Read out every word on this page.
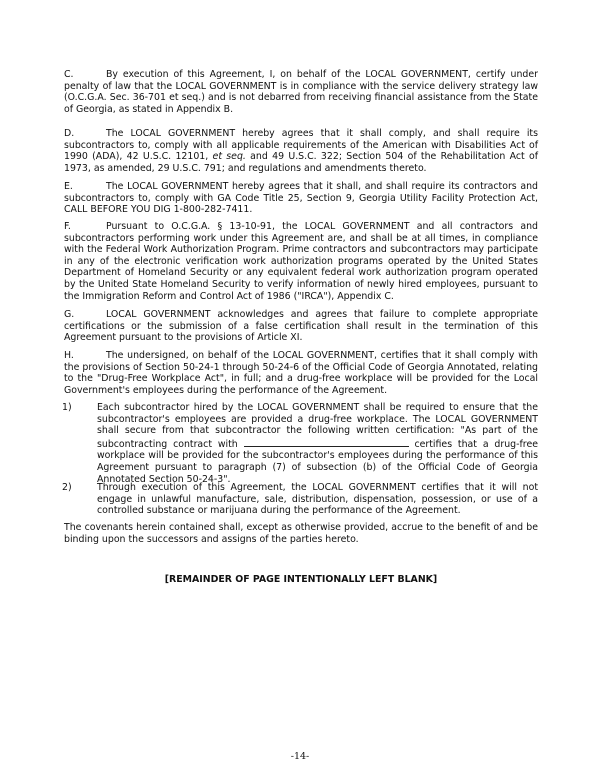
C.	By execution of this Agreement, I, on behalf of the LOCAL GOVERNMENT, certify under penalty of law that the LOCAL GOVERNMENT is in compliance with the service delivery strategy law (O.C.G.A. Sec. 36-701 et seq.) and is not debarred from receiving financial assistance from the State of Georgia, as stated in Appendix B.

D.	The LOCAL GOVERNMENT hereby agrees that it shall comply, and shall require its subcontractors to, comply with all applicable requirements of the American with Disabilities Act of 1990 (ADA), 42 U.S.C. 12101, et seq. and 49 U.S.C. 322; Section 504 of the Rehabilitation Act of 1973, as amended, 29 U.S.C. 791; and regulations and amendments thereto.

E.	The LOCAL GOVERNMENT hereby agrees that it shall, and shall require its contractors and subcontractors to, comply with GA Code Title 25, Section 9, Georgia Utility Facility Protection Act, CALL BEFORE YOU DIG 1-800-282-7411.

F.	Pursuant to O.C.G.A. § 13-10-91, the LOCAL GOVERNMENT and all contractors and subcontractors performing work under this Agreement are, and shall be at all times, in compliance with the Federal Work Authorization Program. Prime contractors and subcontractors may participate in any of the electronic verification work authorization programs operated by the United States Department of Homeland Security or any equivalent federal work authorization program operated by the United State Homeland Security to verify information of newly hired employees, pursuant to the Immigration Reform and Control Act of 1986 ("IRCA"), Appendix C.

G.	LOCAL GOVERNMENT acknowledges and agrees that failure to complete appropriate certifications or the submission of a false certification shall result in the termination of this Agreement pursuant to the provisions of Article XI.

H.	The undersigned, on behalf of the LOCAL GOVERNMENT, certifies that it shall comply with the provisions of Section 50-24-1 through 50-24-6 of the Official Code of Georgia Annotated, relating to the "Drug-Free Workplace Act", in full; and a drug-free workplace will be provided for the Local Government's employees during the performance of the Agreement.

1)	Each subcontractor hired by the LOCAL GOVERNMENT shall be required to ensure that the subcontractor's employees are provided a drug-free workplace. The LOCAL GOVERNMENT shall secure from that subcontractor the following written certification: "As part of the subcontracting contract with	certifies that a drug-free workplace will be provided for the subcontractor's employees during the performance of this Agreement pursuant to paragraph (7) of subsection (b) of the Official Code of Georgia Annotated Section 50-24-3".

2)	Through execution of this Agreement, the LOCAL GOVERNMENT certifies that it will not engage in unlawful manufacture, sale, distribution, dispensation, possession, or use of a controlled substance or marijuana during the performance of the Agreement.

The covenants herein contained shall, except as otherwise provided, accrue to the benefit of and be binding upon the successors and assigns of the parties hereto.

[REMAINDER OF PAGE INTENTIONALLY LEFT BLANK]
-14-
